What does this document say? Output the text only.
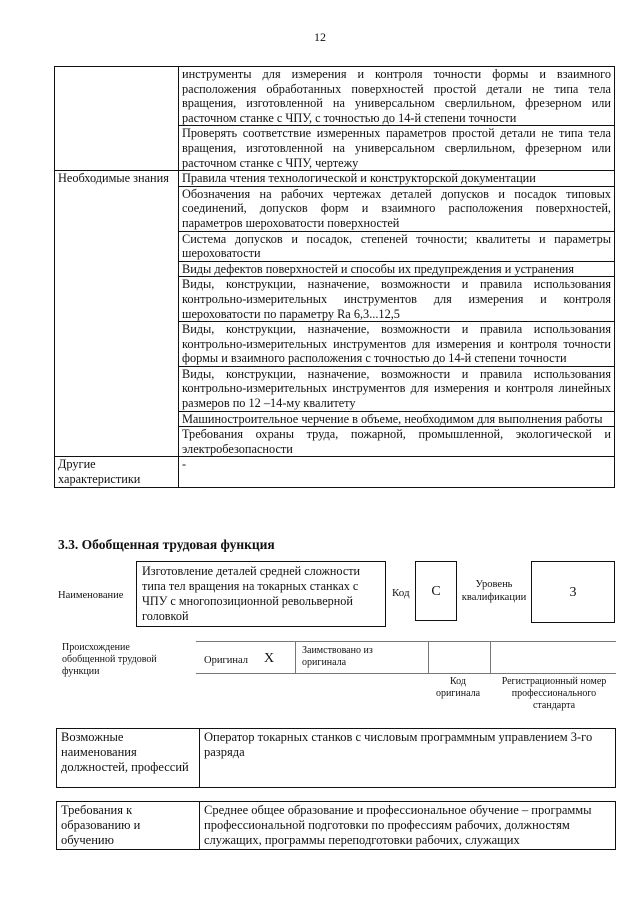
12
	инструменты для измерения и контроля точности формы и взаимного расположения обработанных поверхностей простой детали не типа тела вращения, изготовленной на универсальном сверлильном, фрезерном или расточном станке с ЧПУ, с точностью до 14-й степени точности
	Проверять соответствие измеренных параметров простой детали не типа тела вращения, изготовленной на универсальном сверлильном, фрезерном или расточном станке с ЧПУ, чертежу
Необходимые знания	Правила чтения технологической и конструкторской документации
	Обозначения на рабочих чертежах деталей допусков и посадок типовых соединений, допусков форм и взаимного расположения поверхностей, параметров шероховатости поверхностей
	Система допусков и посадок, степеней точности; квалитеты и параметры шероховатости
	Виды дефектов поверхностей и способы их предупреждения и устранения
	Виды, конструкции, назначение, возможности и правила использования контрольно-измерительных инструментов для измерения и контроля шероховатости по параметру Ra 6,3...12,5
	Виды, конструкции, назначение, возможности и правила использования контрольно-измерительных инструментов для измерения и контроля точности формы и взаимного расположения с точностью до 14-й степени точности
	Виды, конструкции, назначение, возможности и правила использования контрольно-измерительных инструментов для измерения и контроля линейных размеров по 12 –14-му квалитету
	Машиностроительное черчение в объеме, необходимом для выполнения работы
	Требования охраны труда, пожарной, промышленной, экологической и электробезопасности
Другие характеристики	-
3.3. Обобщенная трудовая функция
Наименование
Изготовление деталей средней сложности типа тел вращения на токарных станках с ЧПУ с многопозиционной револьверной головкой
Код	C	Уровень квалификации	3
Происхождение обобщенной трудовой функции
Оригинал X
Заимствовано из оригинала
Код оригинала
Регистрационный номер профессионального стандарта
Возможные наименования должностей, профессий	Оператор токарных станков с числовым программным управлением 3-го разряда
Требования к образованию и обучению	Среднее общее образование и профессиональное обучение – программы профессиональной подготовки по профессиям рабочих, должностям служащих, программы переподготовки рабочих, служащих
